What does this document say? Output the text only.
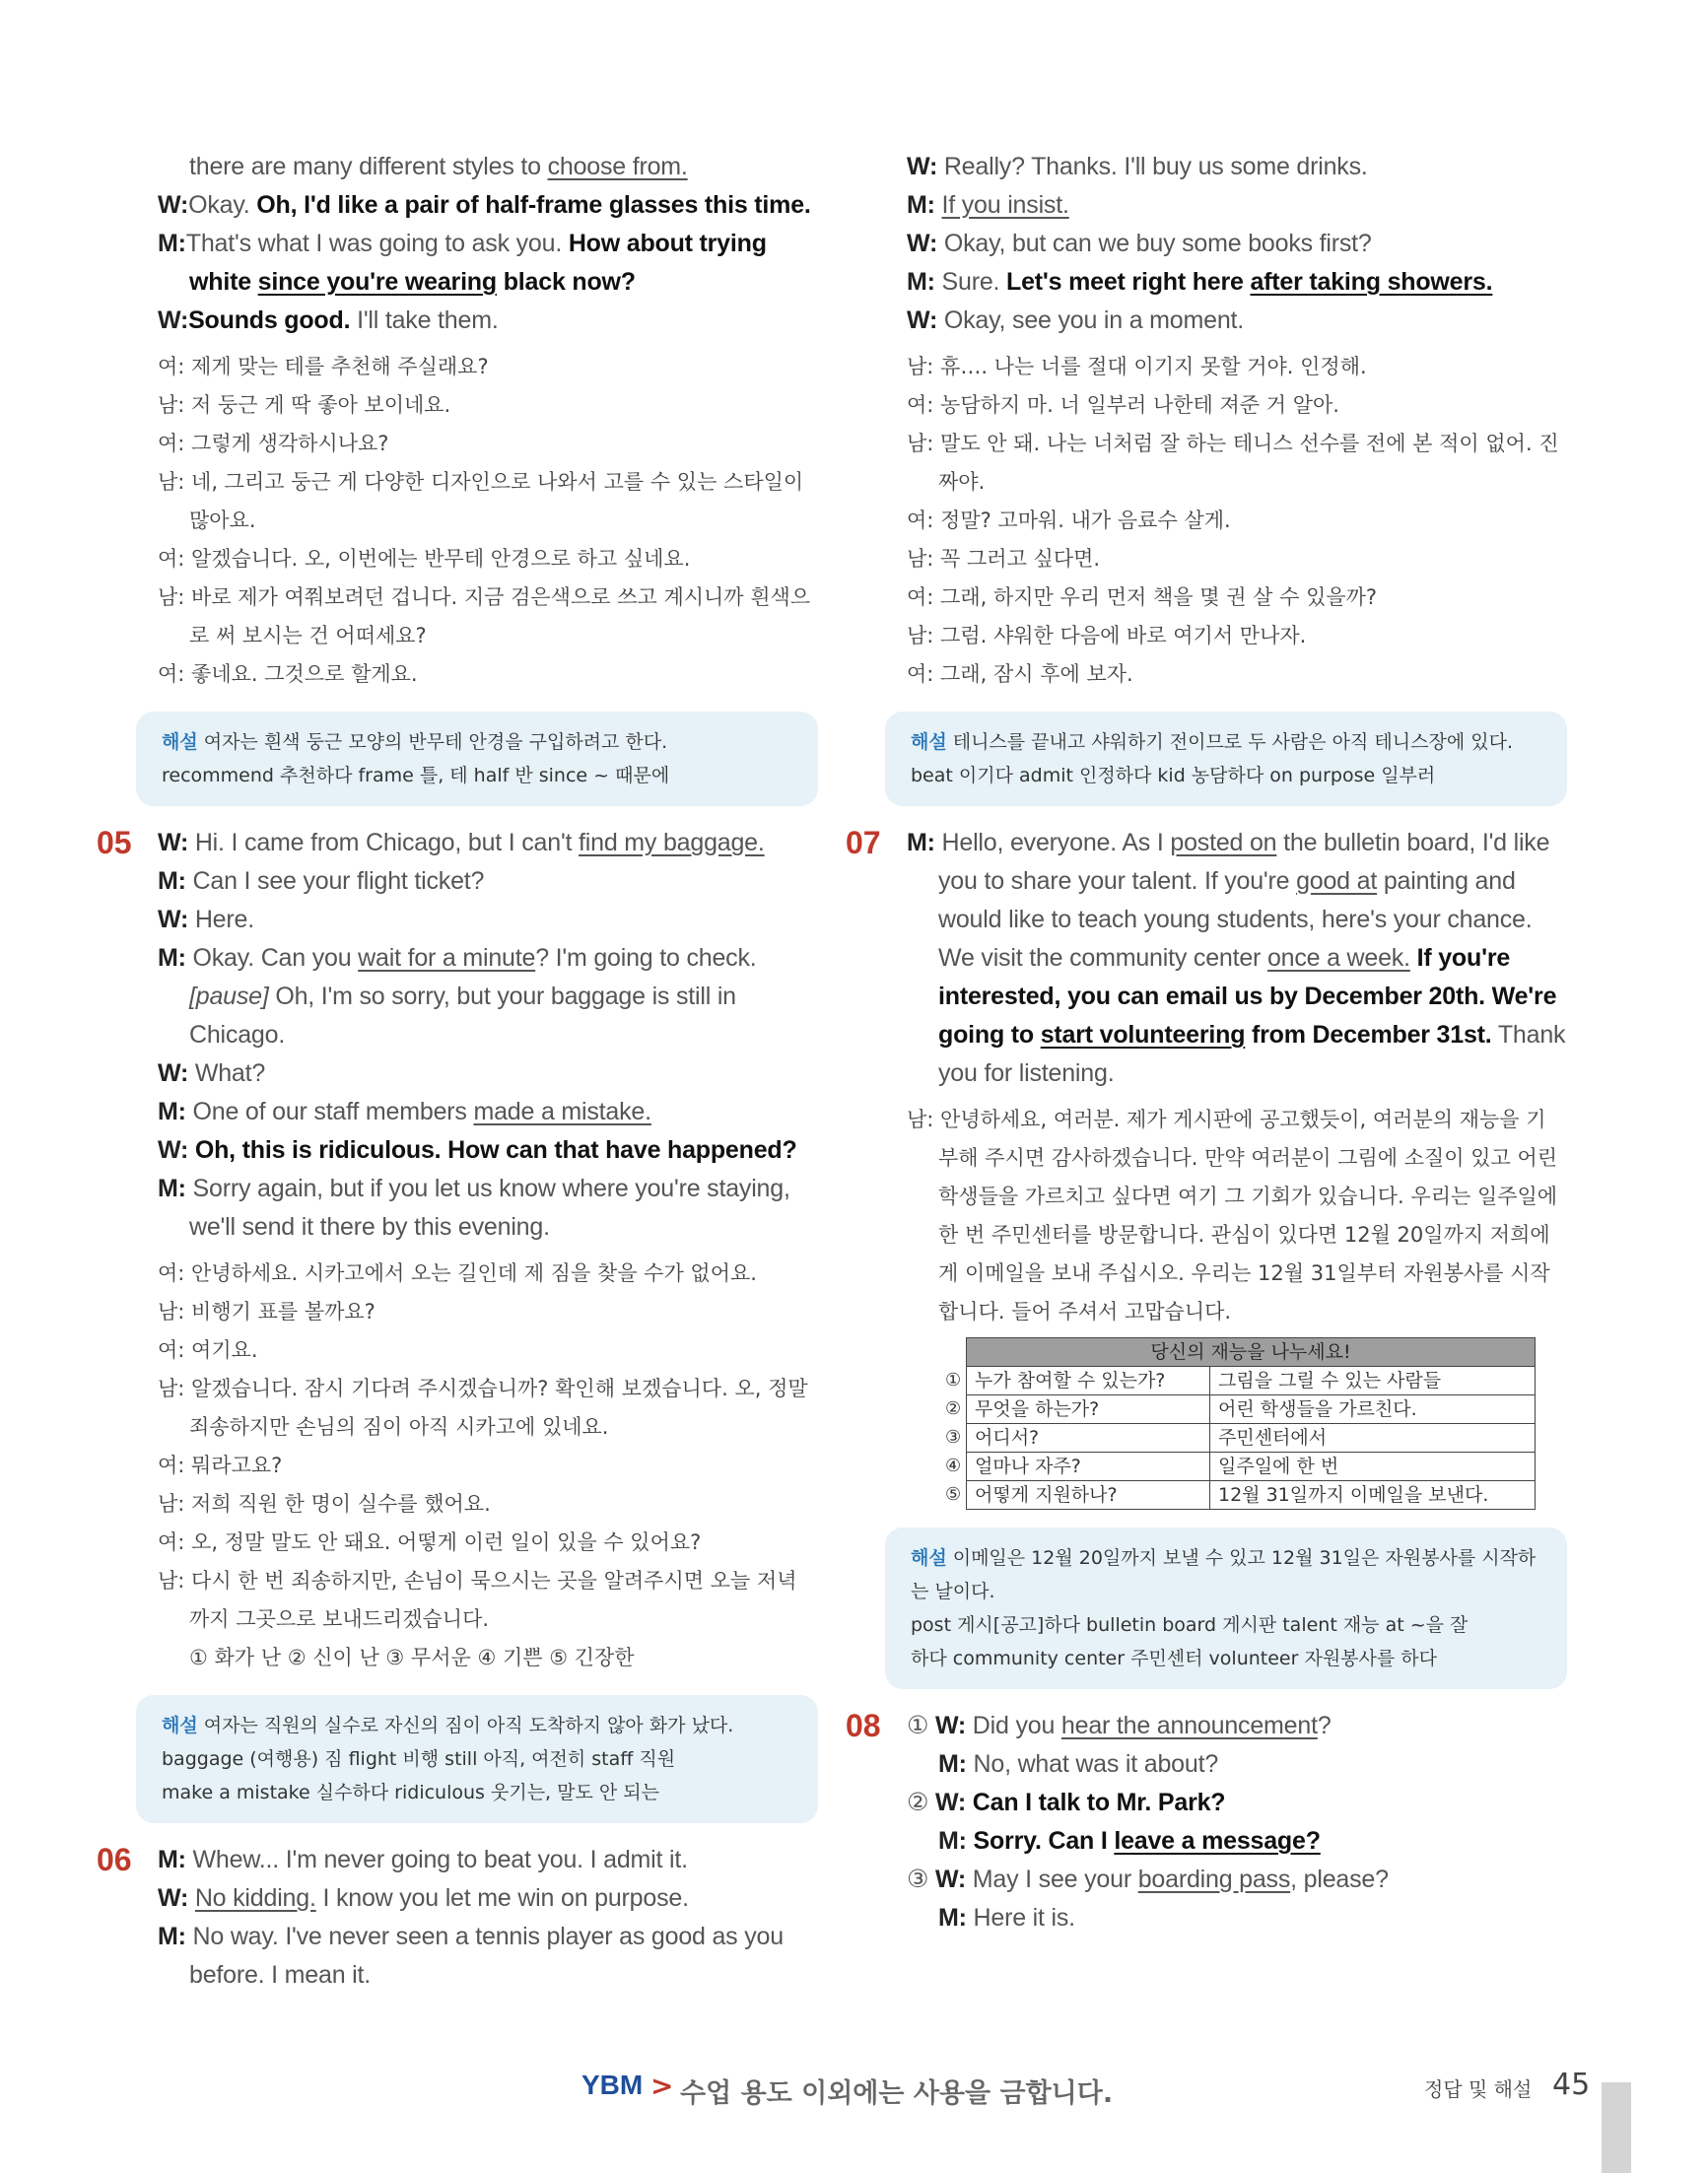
there are many different styles to choose from.
W:Okay. Oh, I'd like a pair of half-frame glasses this time.
M:That's what I was going to ask you. How about trying
white since you're wearing black now?
W:Sounds good. I'll take them.
여: 제게 맞는 테를 추천해 주실래요?
남: 저 둥근 게 딱 좋아 보이네요.
여: 그렇게 생각하시나요?
남: 네, 그리고 둥근 게 다양한 디자인으로 나와서 고를 수 있는 스타일이
많아요.
여: 알겠습니다. 오, 이번에는 반무테 안경으로 하고 싶네요.
남: 바로 제가 여쭤보려던 겁니다. 지금 검은색으로 쓰고 계시니까 흰색으
로 써 보시는 건 어떠세요?
여: 좋네요. 그것으로 할게요.
해설 여자는 흰색 둥근 모양의 반무테 안경을 구입하려고 한다.
recommend 추천하다 frame 틀, 테 half 반 since ~ 때문에
05 W: Hi. I came from Chicago, but I can't find my baggage.
M: Can I see your flight ticket?
W: Here.
M: Okay. Can you wait for a minute? I'm going to check.
[pause] Oh, I'm so sorry, but your baggage is still in
Chicago.
W: What?
M: One of our staff members made a mistake.
W: Oh, this is ridiculous. How can that have happened?
M: Sorry again, but if you let us know where you're staying,
we'll send it there by this evening.
여: 안녕하세요. 시카고에서 오는 길인데 제 짐을 찾을 수가 없어요.
남: 비행기 표를 볼까요?
여: 여기요.
남: 알겠습니다. 잠시 기다려 주시겠습니까? 확인해 보겠습니다. 오, 정말
죄송하지만 손님의 짐이 아직 시카고에 있네요.
여: 뭐라고요?
남: 저희 직원 한 명이 실수를 했어요.
여: 오, 정말 말도 안 돼요. 어떻게 이런 일이 있을 수 있어요?
남: 다시 한 번 죄송하지만, 손님이 묵으시는 곳을 알려주시면 오늘 저녁
까지 그곳으로 보내드리겠습니다.
① 화가 난 ② 신이 난 ③ 무서운 ④ 기쁜 ⑤ 긴장한
해설 여자는 직원의 실수로 자신의 짐이 아직 도착하지 않아 화가 났다.
baggage (여행용) 짐 flight 비행 still 아직, 여전히 staff 직원
make a mistake 실수하다 ridiculous 웃기는, 말도 안 되는
06 M: Whew... I'm never going to beat you. I admit it.
W: No kidding. I know you let me win on purpose.
M: No way. I've never seen a tennis player as good as you
before. I mean it.
W: Really? Thanks. I'll buy us some drinks.
M: If you insist.
W: Okay, but can we buy some books first?
M: Sure. Let's meet right here after taking showers.
W: Okay, see you in a moment.
남: 휴…. 나는 너를 절대 이기지 못할 거야. 인정해.
여: 농담하지 마. 너 일부러 나한테 져준 거 알아.
남: 말도 안 돼. 나는 너처럼 잘 하는 테니스 선수를 전에 본 적이 없어. 진
짜야.
여: 정말? 고마워. 내가 음료수 살게.
남: 꼭 그러고 싶다면.
여: 그래, 하지만 우리 먼저 책을 몇 권 살 수 있을까?
남: 그럼. 샤워한 다음에 바로 여기서 만나자.
여: 그래, 잠시 후에 보자.
해설 테니스를 끝내고 샤워하기 전이므로 두 사람은 아직 테니스장에 있다.
beat 이기다 admit 인정하다 kid 농담하다 on purpose 일부러
07 M: Hello, everyone. As I posted on the bulletin board, I'd like
you to share your talent. If you're good at painting and
would like to teach young students, here's your chance.
We visit the community center once a week. If you're
interested, you can email us by December 20th. We're
going to start volunteering from December 31st. Thank
you for listening.
남: 안녕하세요, 여러분. 제가 게시판에 공고했듯이, 여러분의 재능을 기
부해 주시면 감사하겠습니다. 만약 여러분이 그림에 소질이 있고 어린
학생들을 가르치고 싶다면 여기 그 기회가 있습니다. 우리는 일주일에
한 번 주민센터를 방문합니다. 관심이 있다면 12월 20일까지 저희에
게 이메일을 보내 주십시오. 우리는 12월 31일부터 자원봉사를 시작
합니다. 들어 주셔서 고맙습니다.
당신의 재능을 나누세요!	

① 누가 참여할 수 있는가?	그림을 그릴 수 있는 사람들

② 무엇을 하는가?	어린 학생들을 가르친다.

③ 어디서?	주민센터에서

④ 얼마나 자주?	일주일에 한 번

⑤ 어떻게 지원하나?	12월 31일까지 이메일을 보낸다.
해설 이메일은 12월 20일까지 보낼 수 있고 12월 31일은 자원봉사를 시작하
는 날이다.
post 게시[공고]하다 bulletin board 게시판 talent 재능 at ~을 잘
하다 community center 주민센터 volunteer 자원봉사를 하다
08 ① W: Did you hear the announcement?
M: No, what was it about?
② W: Can I talk to Mr. Park?
M: Sorry. Can I leave a message?
③ W: May I see your boarding pass, please?
M: Here it is.
YBM > 수업 용도 이외에는 사용을 금합니다.	정답 및 해설 45
